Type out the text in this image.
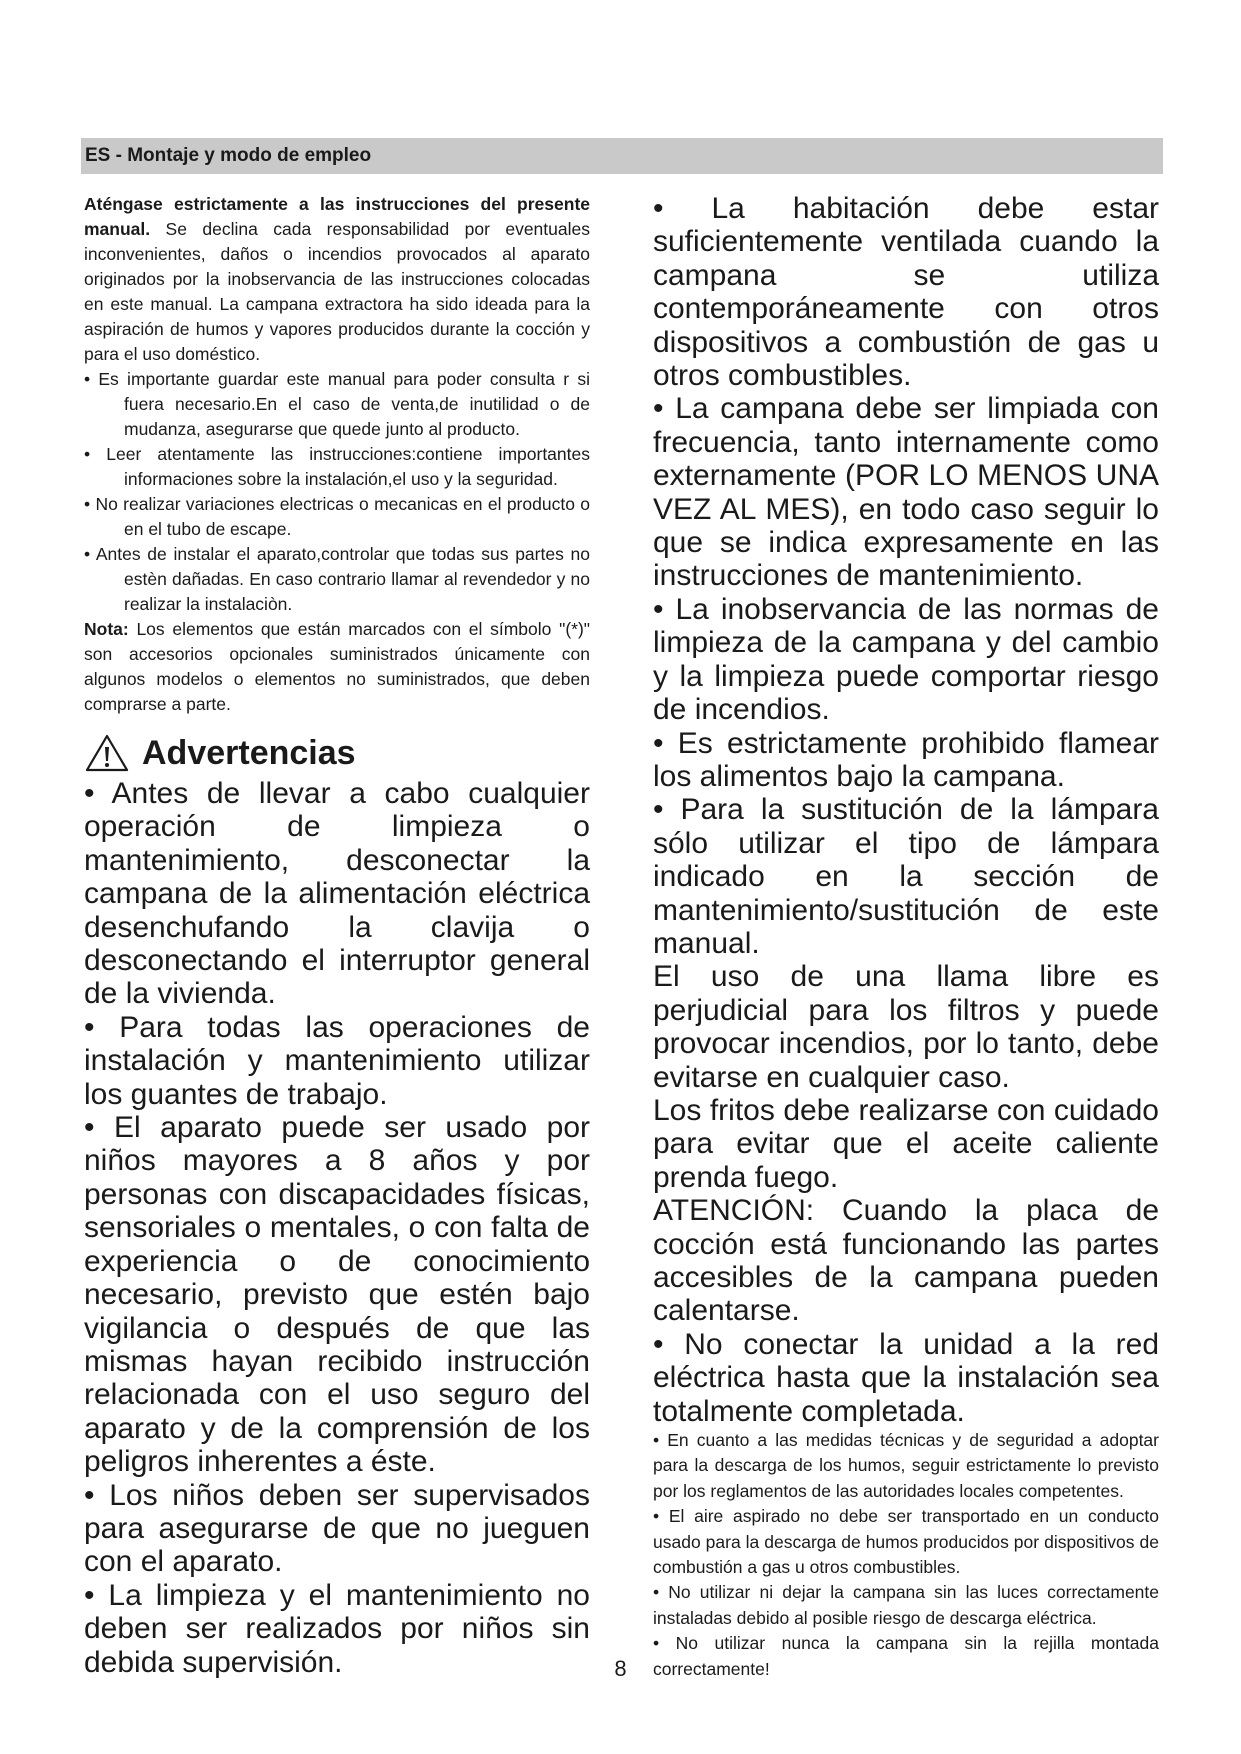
ES - Montaje y modo de empleo

Aténgase estrictamente a las instrucciones del presente manual. Se declina cada responsabilidad por eventuales inconvenientes, daños o incendios provocados al aparato originados por la inobservancia de las instrucciones colocadas en este manual. La campana extractora ha sido ideada para la aspiración de humos y vapores producidos durante la cocción y para el uso doméstico.

• Es importante guardar este manual para poder consulta r si fuera necesario.En el caso de venta,de inutilidad o de mudanza, asegurarse que quede junto al producto.

• Leer atentamente las instrucciones:contiene importantes informaciones sobre la instalación,el uso y la seguridad.

• No realizar variaciones electricas o mecanicas en el producto o en el tubo de escape.

• Antes de instalar el aparato,controlar que todas sus partes no estèn dañadas. En caso contrario llamar al revendedor y no realizar la instalaciòn.

Nota: Los elementos que están marcados con el símbolo "(*)" son accesorios opcionales suministrados únicamente con algunos modelos o elementos no suministrados, que deben comprarse a parte.

Advertencias

• Antes de llevar a cabo cualquier operación de limpieza o mantenimiento, desconectar la campana de la alimentación eléctrica desenchufando la clavija o desconectando el interruptor general de la vivienda.

• Para todas las operaciones de instalación y mantenimiento utilizar los guantes de trabajo.

• El aparato puede ser usado por niños mayores a 8 años y por personas con discapacidades físicas, sensoriales o mentales, o con falta de experiencia o de conocimiento necesario, previsto que estén bajo vigilancia o después de que las mismas hayan recibido instrucción relacionada con el uso seguro del aparato y de la comprensión de los peligros inherentes a éste.

• Los niños deben ser supervisados para asegurarse de que no jueguen con el aparato.

• La limpieza y el mantenimiento no deben ser realizados por niños sin debida supervisión.

• La habitación debe estar suficientemente ventilada cuando la campana se utiliza contemporáneamente con otros dispositivos a combustión de gas u otros combustibles.

• La campana debe ser limpiada con frecuencia, tanto internamente como externamente (POR LO MENOS UNA VEZ AL MES), en todo caso seguir lo que se indica expresamente en las instrucciones de mantenimiento.

• La inobservancia de las normas de limpieza de la campana y del cambio y la limpieza puede comportar riesgo de incendios.

• Es estrictamente prohibido flamear los alimentos bajo la campana.

• Para la sustitución de la lámpara sólo utilizar el tipo de lámpara indicado en la sección de mantenimiento/sustitución de este manual.

El uso de una llama libre es perjudicial para los filtros y puede provocar incendios, por lo tanto, debe evitarse en cualquier caso.

Los fritos debe realizarse con cuidado para evitar que el aceite caliente prenda fuego.

ATENCIÓN: Cuando la placa de cocción está funcionando las partes accesibles de la campana pueden calentarse.

• No conectar la unidad a la red eléctrica hasta que la instalación sea totalmente completada.

• En cuanto a las medidas técnicas y de seguridad a adoptar para la descarga de los humos, seguir estrictamente lo previsto por los reglamentos de las autoridades locales competentes.

• El aire aspirado no debe ser transportado en un conducto usado para la descarga de humos producidos por dispositivos de combustión a gas u otros combustibles.

• No utilizar ni dejar la campana sin las luces correctamente instaladas debido al posible riesgo de descarga eléctrica.

• No utilizar nunca la campana sin la rejilla montada correctamente!

8
